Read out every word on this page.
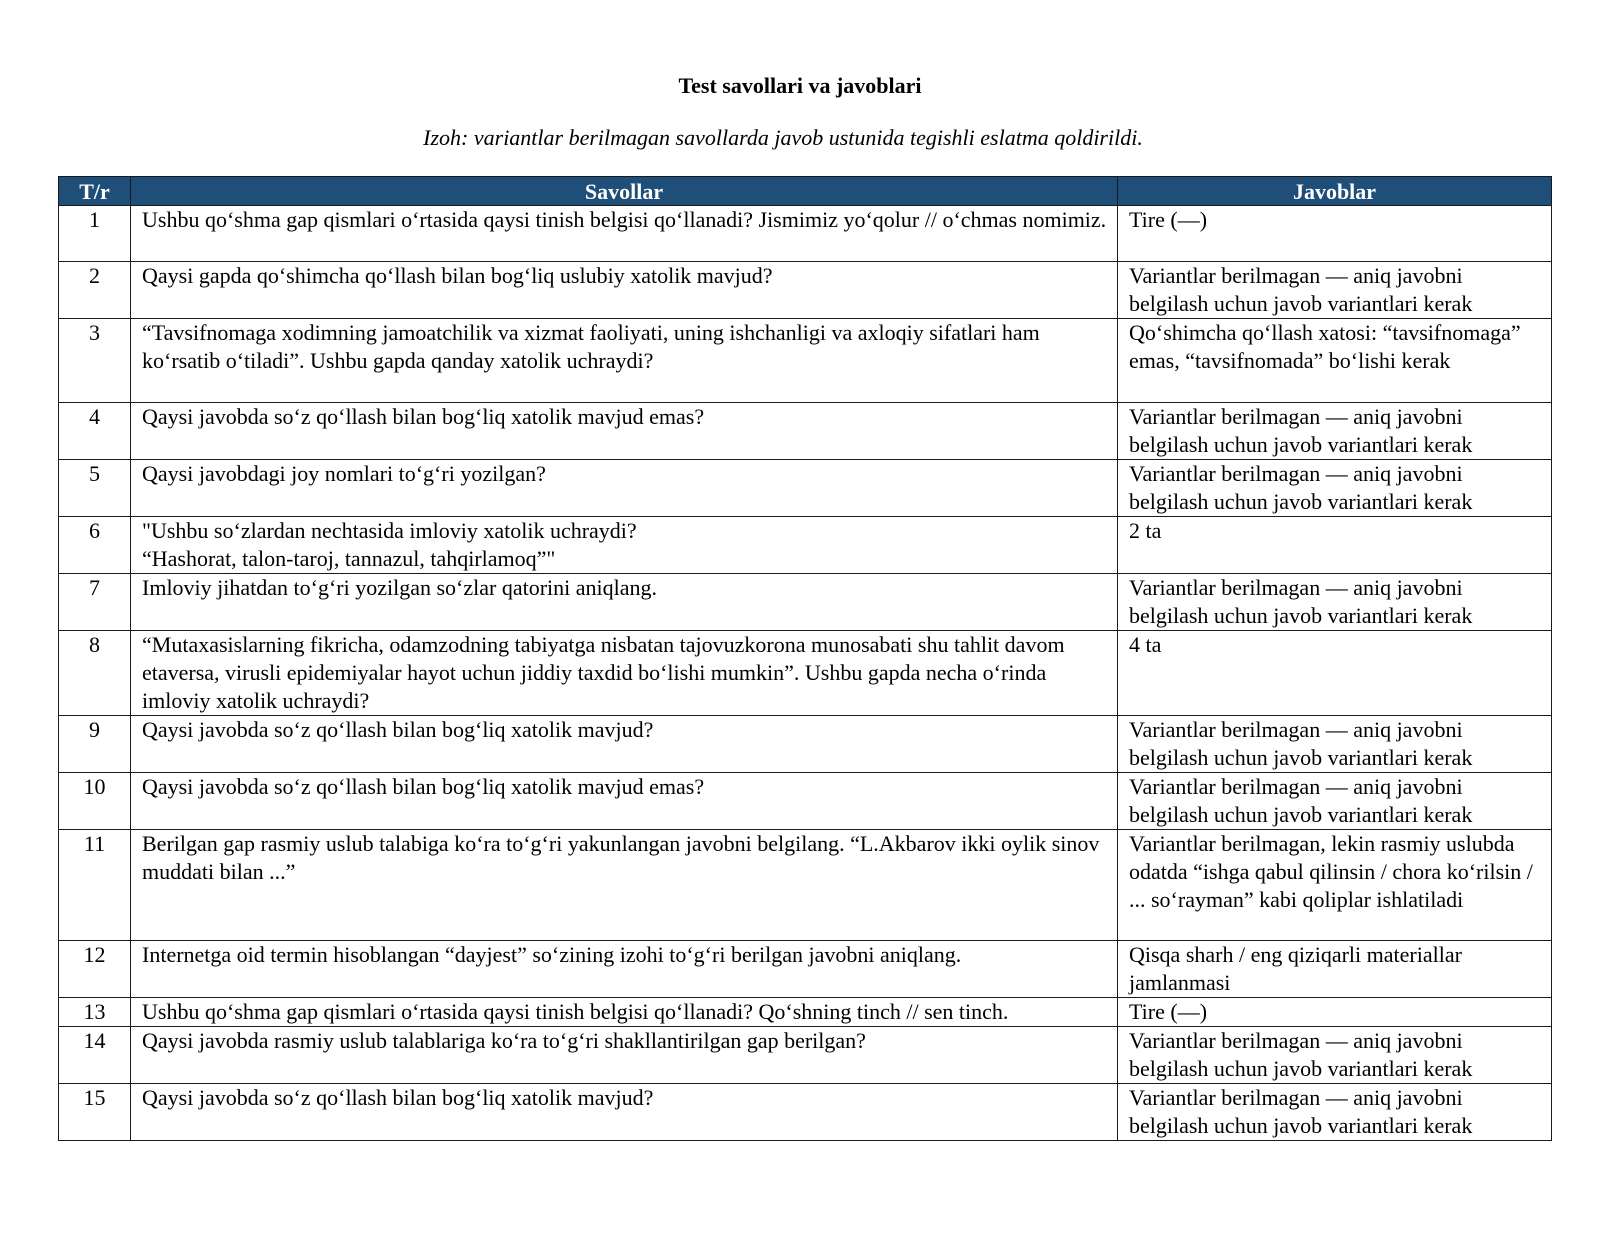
Test savollari va javoblari
Izoh: variantlar berilmagan savollarda javob ustunida tegishli eslatma qoldirildi.
T/r	Savollar	Javoblar
1	Ushbu qo‘shma gap qismlari o‘rtasida qaysi tinish belgisi qo‘llanadi? Jismimiz yo‘qolur // o‘chmas nomimiz.	Tire (—)
2	Qaysi gapda qo‘shimcha qo‘llash bilan bog‘liq uslubiy xatolik mavjud?	Variantlar berilmagan — aniq javobni belgilash uchun javob variantlari kerak
3	“Tavsifnomaga xodimning jamoatchilik va xizmat faoliyati, uning ishchanligi va axloqiy sifatlari ham ko‘rsatib o‘tiladi”. Ushbu gapda qanday xatolik uchraydi?	Qo‘shimcha qo‘llash xatosi: “tavsifnomaga” emas, “tavsifnomada” bo‘lishi kerak
4	Qaysi javobda so‘z qo‘llash bilan bog‘liq xatolik mavjud emas?	Variantlar berilmagan — aniq javobni belgilash uchun javob variantlari kerak
5	Qaysi javobdagi joy nomlari to‘g‘ri yozilgan?	Variantlar berilmagan — aniq javobni belgilash uchun javob variantlari kerak
6	"Ushbu so‘zlardan nechtasida imloviy xatolik uchraydi?
“Hashorat, talon-taroj, tannazul, tahqirlamoq”"	2 ta
7	Imloviy jihatdan to‘g‘ri yozilgan so‘zlar qatorini aniqlang.	Variantlar berilmagan — aniq javobni belgilash uchun javob variantlari kerak
8	“Mutaxasislarning fikricha, odamzodning tabiyatga nisbatan tajovuzkorona munosabati shu tahlit davom etaversa, virusli epidemiyalar hayot uchun jiddiy taxdid bo‘lishi mumkin”. Ushbu gapda necha o‘rinda imloviy xatolik uchraydi?	4 ta
9	Qaysi javobda so‘z qo‘llash bilan bog‘liq xatolik mavjud?	Variantlar berilmagan — aniq javobni belgilash uchun javob variantlari kerak
10	Qaysi javobda so‘z qo‘llash bilan bog‘liq xatolik mavjud emas?	Variantlar berilmagan — aniq javobni belgilash uchun javob variantlari kerak
11	Berilgan gap rasmiy uslub talabiga ko‘ra to‘g‘ri yakunlangan javobni belgilang. “L.Akbarov ikki oylik sinov muddati bilan ...”	Variantlar berilmagan, lekin rasmiy uslubda odatda “ishga qabul qilinsin / chora ko‘rilsin / ... so‘rayman” kabi qoliplar ishlatiladi
12	Internetga oid termin hisoblangan “dayjest” so‘zining izohi to‘g‘ri berilgan javobni aniqlang.	Qisqa sharh / eng qiziqarli materiallar jamlanmasi
13	Ushbu qo‘shma gap qismlari o‘rtasida qaysi tinish belgisi qo‘llanadi? Qo‘shning tinch // sen tinch.	Tire (—)
14	Qaysi javobda rasmiy uslub talablariga ko‘ra to‘g‘ri shakllantirilgan gap berilgan?	Variantlar berilmagan — aniq javobni belgilash uchun javob variantlari kerak
15	Qaysi javobda so‘z qo‘llash bilan bog‘liq xatolik mavjud?	Variantlar berilmagan — aniq javobni belgilash uchun javob variantlari kerak
